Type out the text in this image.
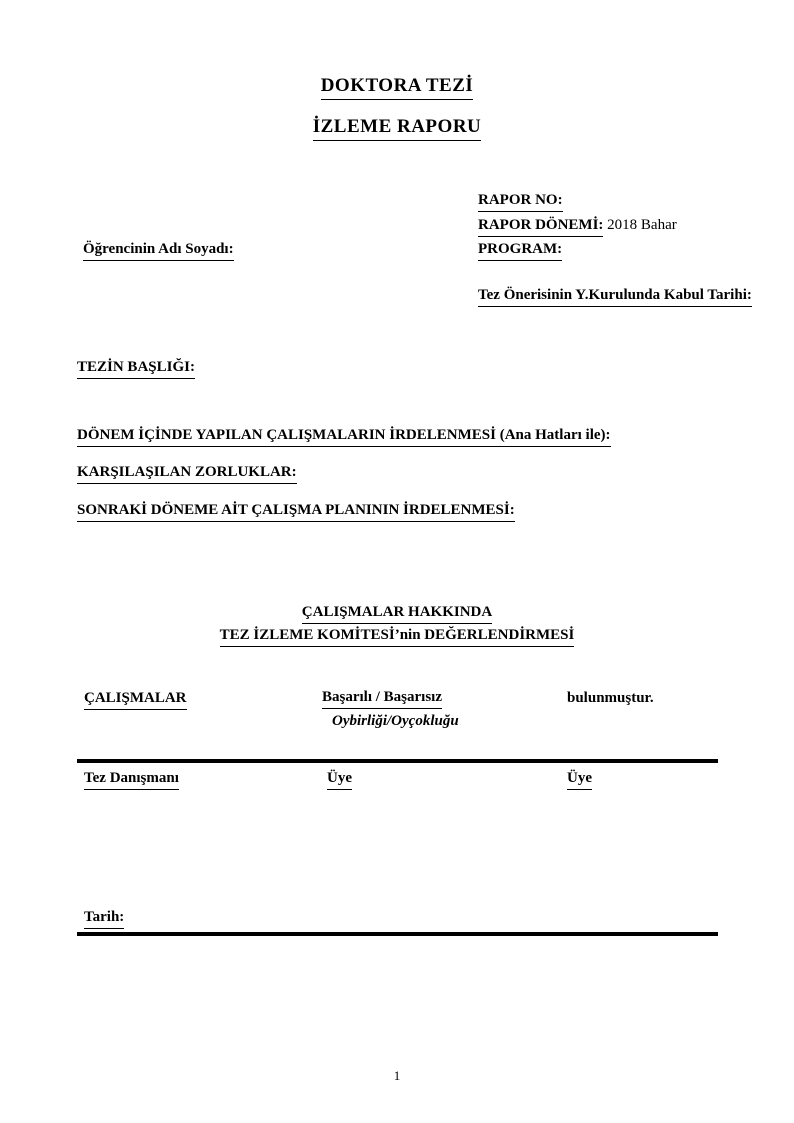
DOKTORA TEZİ
İZLEME RAPORU
RAPOR NO:
RAPOR DÖNEMİ: 2018 Bahar
Öğrencinin Adı Soyadı:	PROGRAM:
Tez Önerisinin Y.Kurulunda Kabul Tarihi:
TEZİN BAŞLIĞI:
DÖNEM İÇİNDE YAPILAN ÇALIŞMALARIN İRDELENMESİ (Ana Hatları ile):
KARŞILAŞILAN ZORLUKLAR:
SONRAKİ DÖNEME AİT ÇALIŞMA PLANININ İRDELENMESİ:
ÇALIŞMALAR HAKKINDA
TEZ İZLEME KOMİTESİ’nin DEĞERLENDİRMESİ
ÇALIŞMALAR	Başarılı / Başarısız	bulunmuştur.
Oybirliği/Oyçokluğu
Tez Danışmanı	Üye	Üye
Tarih:
1
